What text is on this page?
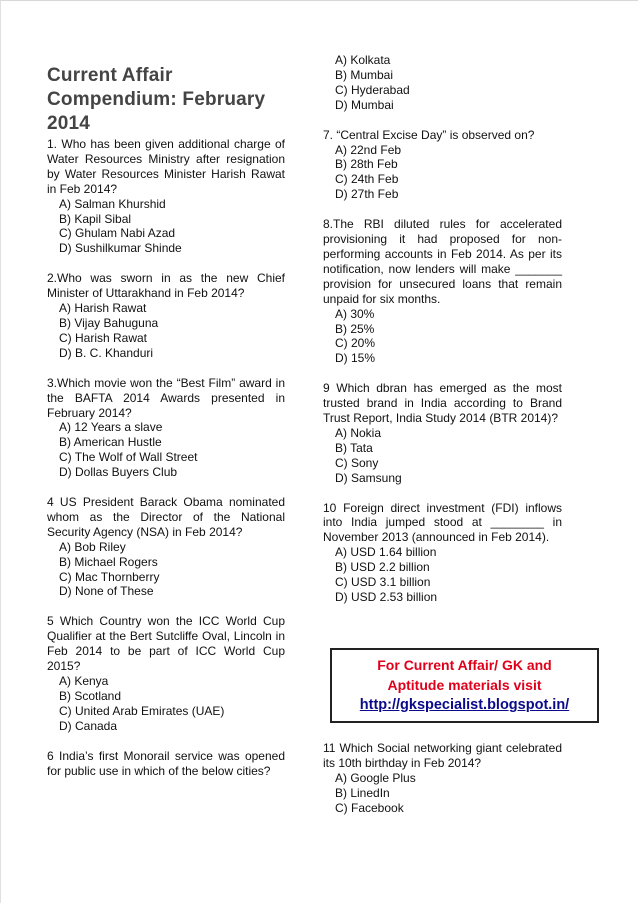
Current Affair
Compendium: February
2014
1. Who has been given additional charge of Water Resources Ministry after resignation by Water Resources Minister Harish Rawat in Feb 2014?
A) Salman Khurshid
B) Kapil Sibal
C) Ghulam Nabi Azad
D) Sushilkumar Shinde
2.Who was sworn in as the new Chief Minister of Uttarakhand in Feb 2014?
A) Harish Rawat
B) Vijay Bahuguna
C) Harish Rawat
D) B. C. Khanduri
3.Which movie won the “Best Film” award in the BAFTA 2014 Awards presented in February 2014?
A) 12 Years a slave
B) American Hustle
C) The Wolf of Wall Street
D) Dollas Buyers Club
4 US President Barack Obama nominated whom as the Director of the National Security Agency (NSA) in Feb 2014?
A) Bob Riley
B) Michael Rogers
C) Mac Thornberry
D) None of These
5 Which Country won the ICC World Cup Qualifier at the Bert Sutcliffe Oval, Lincoln in Feb 2014 to be part of ICC World Cup 2015?
A) Kenya
B) Scotland
C) United Arab Emirates (UAE)
D) Canada
6 India’s first Monorail service was opened for public use in which of the below cities?
A) Kolkata
B) Mumbai
C) Hyderabad
D) Mumbai
7. “Central Excise Day” is observed on?
A) 22nd Feb
B) 28th Feb
C) 24th Feb
D) 27th Feb
8.The RBI diluted rules for accelerated provisioning it had proposed for non-performing accounts in Feb 2014. As per its notification, now lenders will make _______ provision for unsecured loans that remain unpaid for six months.
A) 30%
B) 25%
C) 20%
D) 15%
9 Which dbran has emerged as the most trusted brand in India according to Brand Trust Report, India Study 2014 (BTR 2014)?
A) Nokia
B) Tata
C) Sony
D) Samsung
10 Foreign direct investment (FDI) inflows into India jumped stood at ________ in November 2013 (announced in Feb 2014).
A) USD 1.64 billion
B) USD 2.2 billion
C) USD 3.1 billion
D) USD 2.53 billion
For Current Affair/ GK and
Aptitude materials visit
http://gkspecialist.blogspot.in/
11 Which Social networking giant celebrated its 10th birthday in Feb 2014?
A) Google Plus
B) LinedIn
C) Facebook
